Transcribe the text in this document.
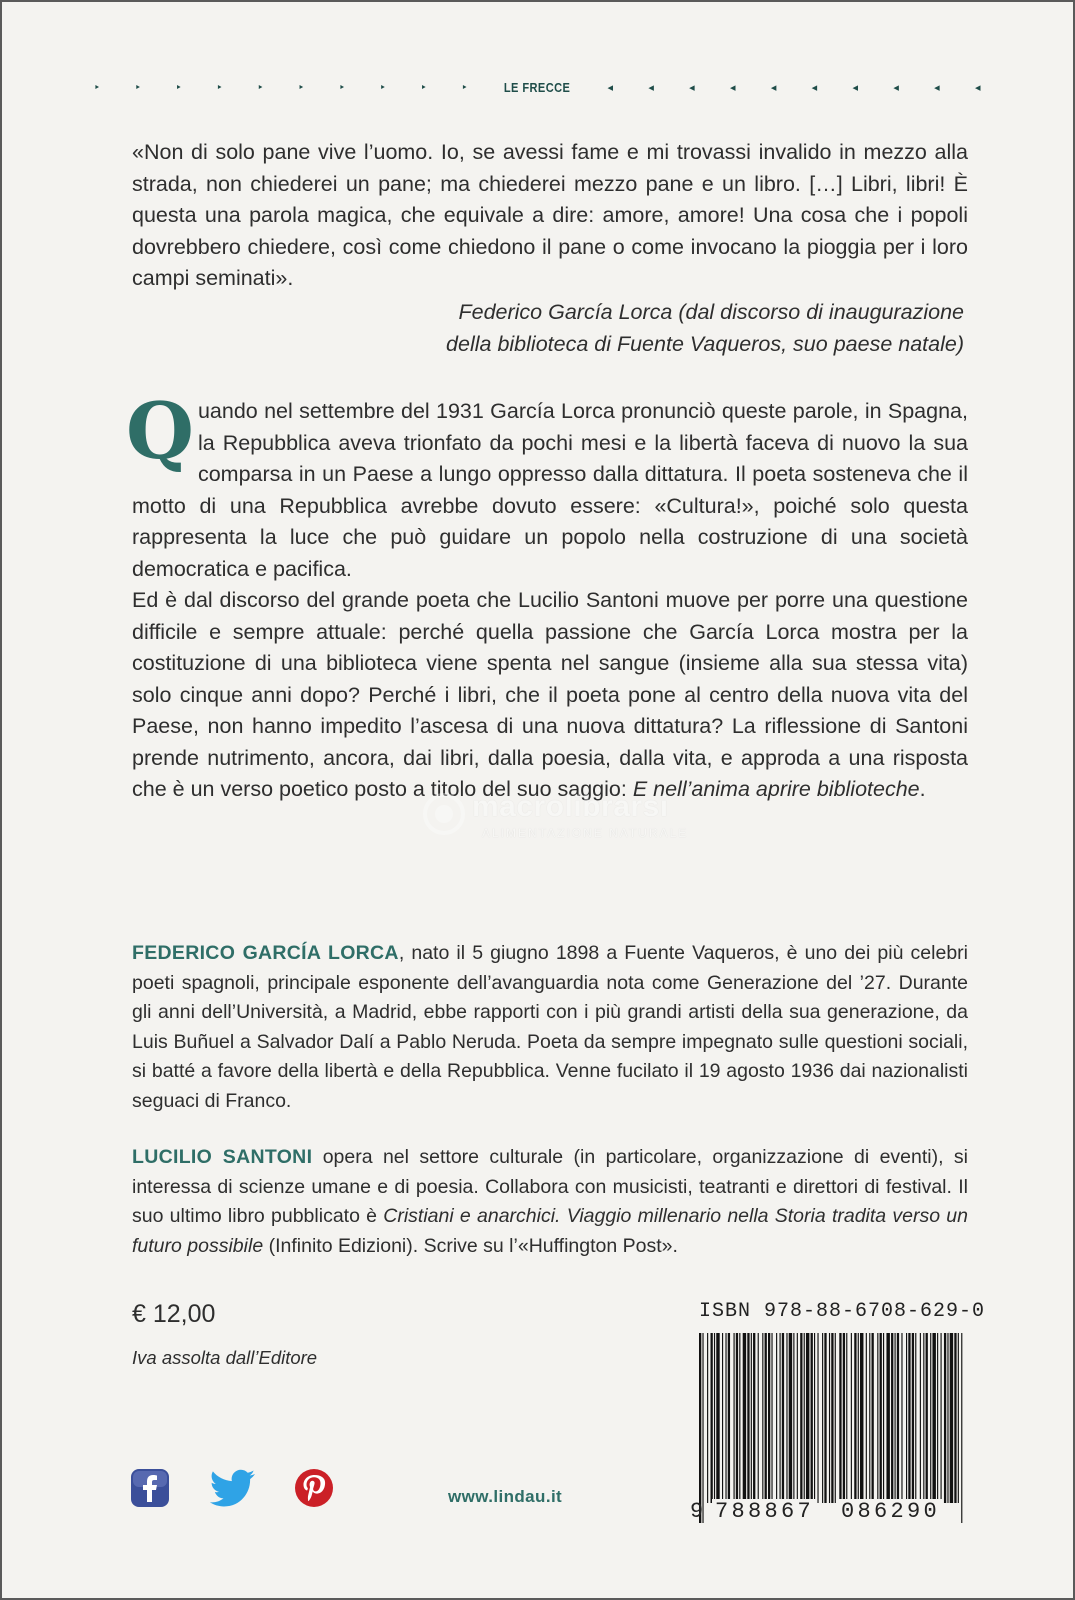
‣	‣	‣	‣	‣	‣	‣	‣	‣	‣	LE FRECCE	◂	◂	◂	◂	◂	◂	◂	◂	◂	◂

«Non di solo pane vive l’uomo. Io, se avessi fame e mi trovassi invalido in mezzo alla strada, non chiederei un pane; ma chiederei mezzo pane e un libro. […] Libri, libri! È questa una parola magica, che equivale a dire: amore, amore! Una cosa che i popoli dovrebbero chiedere, così come chiedono il pane o come invocano la pioggia per i loro campi seminati».

Federico García Lorca (dal discorso di inaugurazione
della biblioteca di Fuente Vaqueros, suo paese natale)

Quando nel settembre del 1931 García Lorca pronunciò queste parole, in Spagna, la Repubblica aveva trionfato da pochi mesi e la libertà faceva di nuovo la sua comparsa in un Paese a lungo oppresso dalla dittatura. Il poeta sosteneva che il motto di una Repubblica avrebbe dovuto essere: «Cultura!», poiché solo questa rappresenta la luce che può guidare un popolo nella costruzione di una società democratica e pacifica.

Ed è dal discorso del grande poeta che Lucilio Santoni muove per porre una questione difficile e sempre attuale: perché quella passione che García Lorca mostra per la costituzione di una biblioteca viene spenta nel sangue (insieme alla sua stessa vita) solo cinque anni dopo? Perché i libri, che il poeta pone al centro della nuova vita del Paese, non hanno impedito l’ascesa di una nuova dittatura? La riflessione di Santoni prende nutrimento, ancora, dai libri, dalla poesia, dalla vita, e approda a una risposta che è un verso poetico posto a titolo del suo saggio: E nell’anima aprire biblioteche.

FEDERICO GARCÍA LORCA, nato il 5 giugno 1898 a Fuente Vaqueros, è uno dei più celebri poeti spagnoli, principale esponente dell’avanguardia nota come Generazione del ’27. Durante gli anni dell’Università, a Madrid, ebbe rapporti con i più grandi artisti della sua generazione, da Luis Buñuel a Salvador Dalí a Pablo Neruda. Poeta da sempre impegnato sulle questioni sociali, si batté a favore della libertà e della Repubblica. Venne fucilato il 19 agosto 1936 dai nazionalisti seguaci di Franco.

LUCILIO SANTONI opera nel settore culturale (in particolare, organizzazione di eventi), si interessa di scienze umane e di poesia. Collabora con musicisti, teatranti e direttori di festival. Il suo ultimo libro pubblicato è Cristiani e anarchici. Viaggio millenario nella Storia tradita verso un futuro possibile (Infinito Edizioni). Scrive su l’«Huffington Post».

€ 12,00
Iva assolta dall’Editore
ISBN 978-88-6708-629-0
9 788867 086290
www.lindau.it
macrolibrarsi
ALIMENTAZIONE NATURALE
